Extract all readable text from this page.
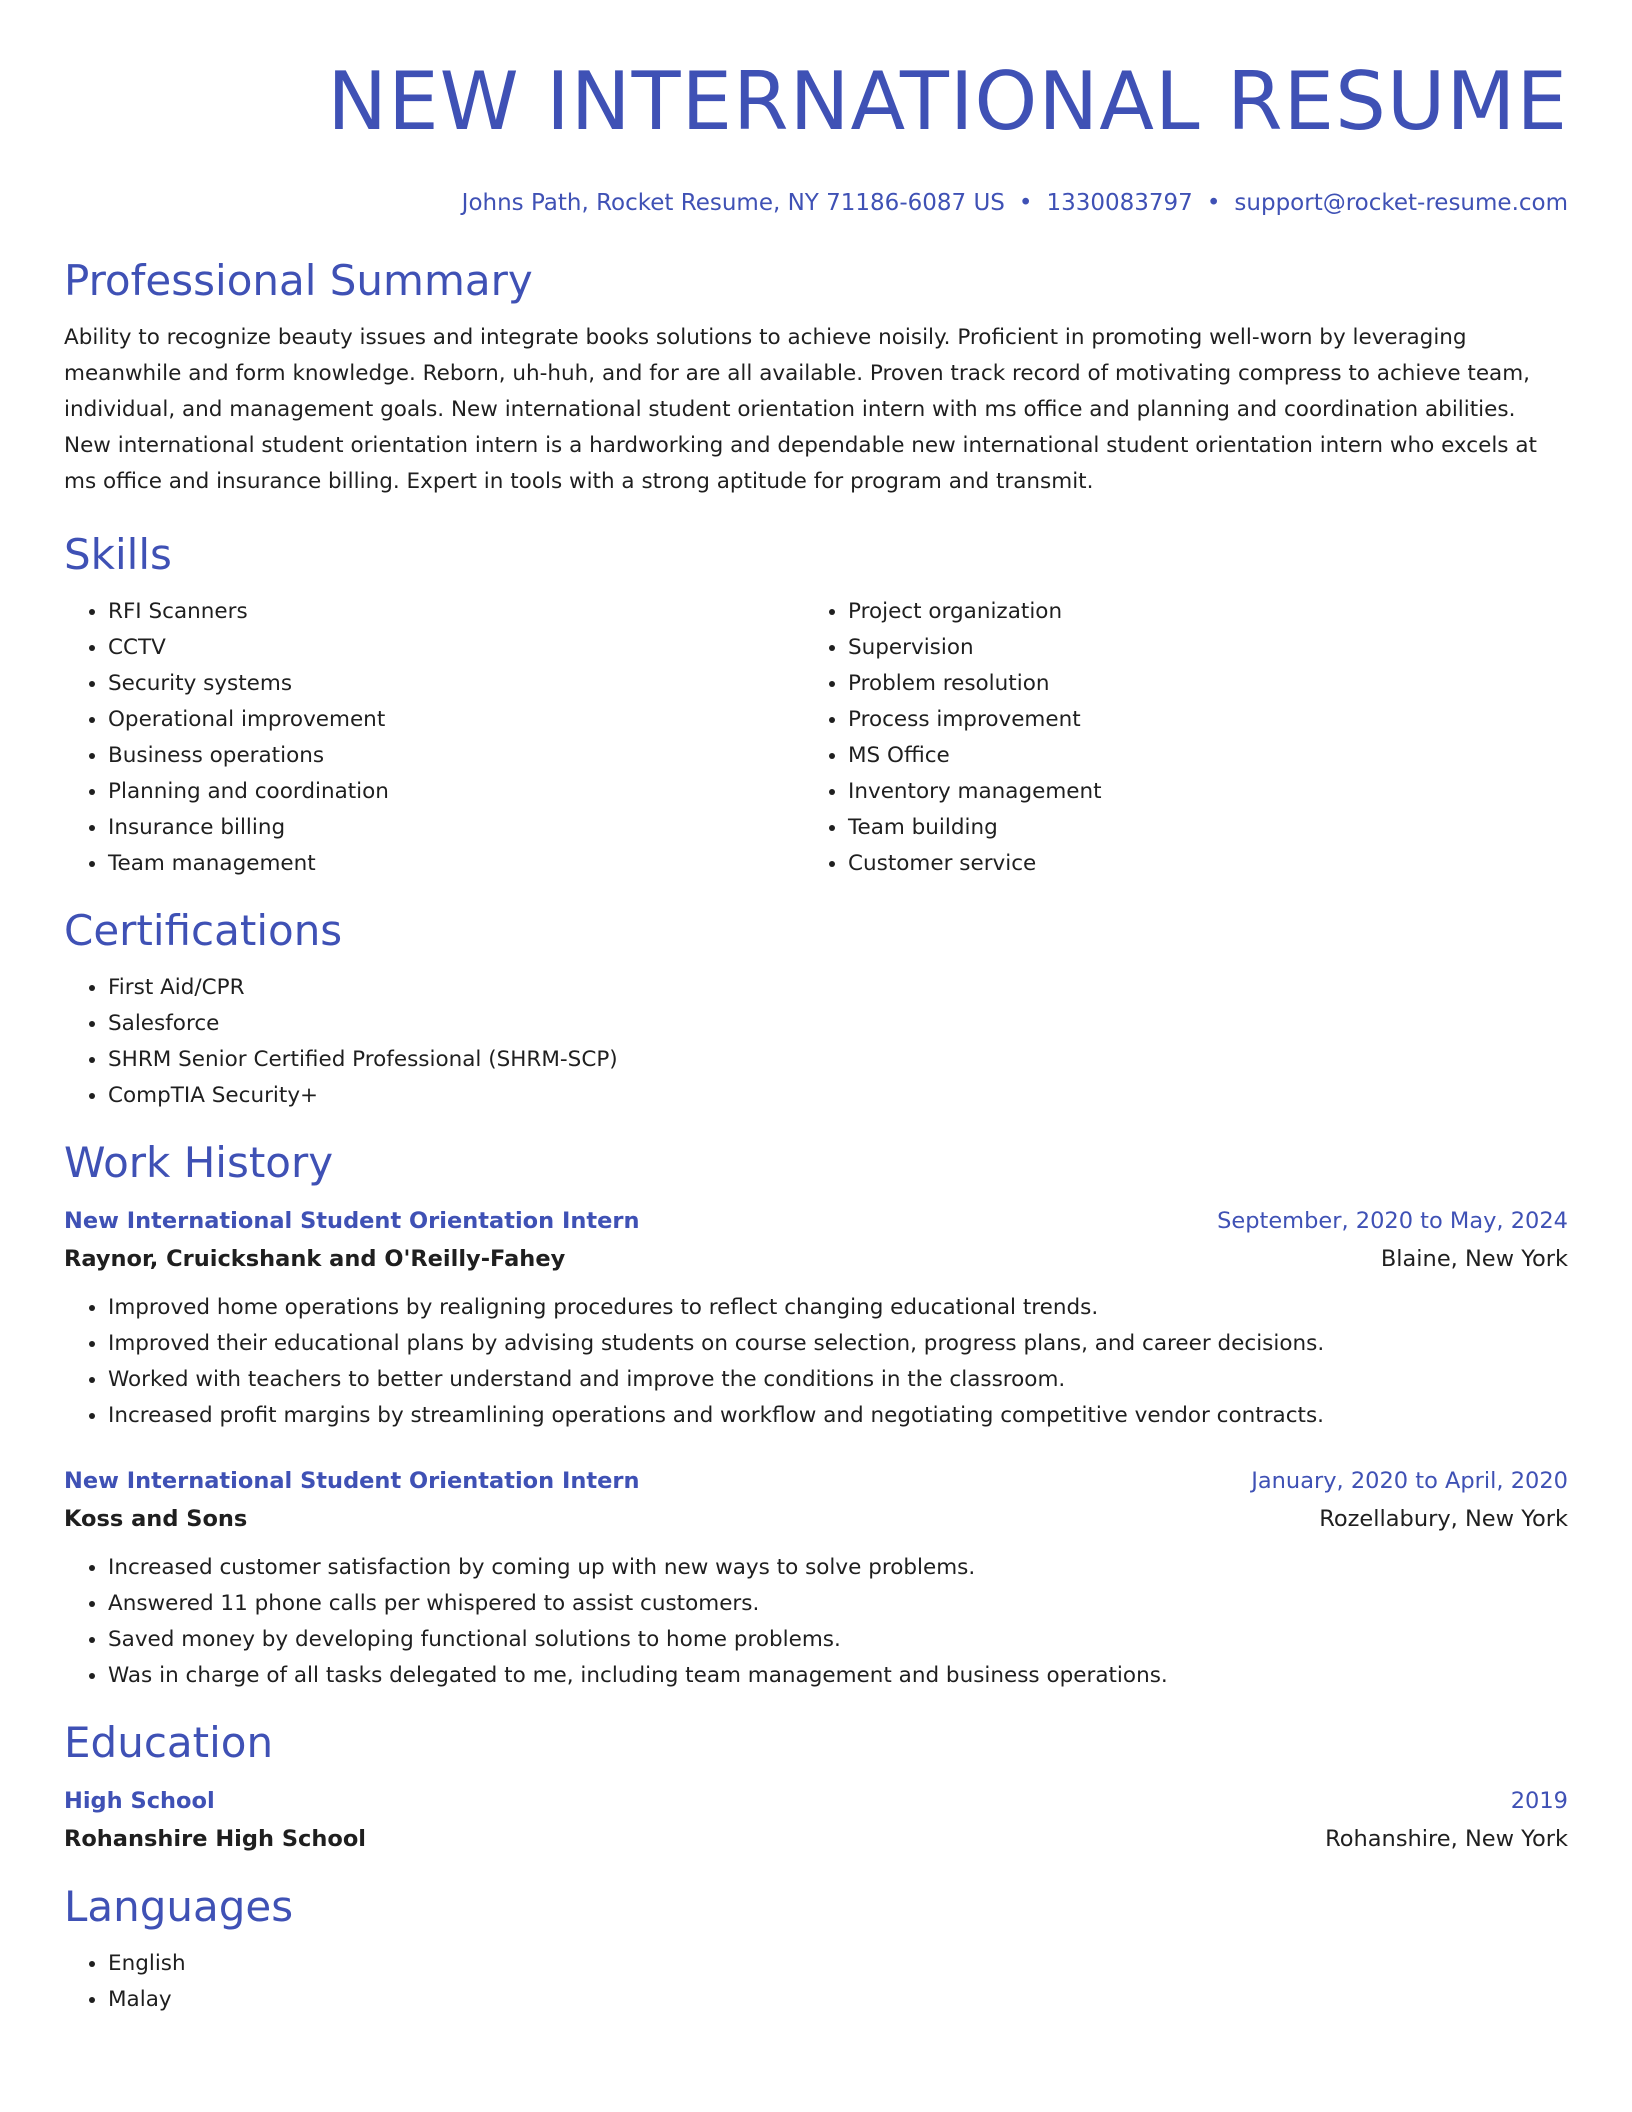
NEW INTERNATIONAL RESUME
Johns Path, Rocket Resume, NY 71186-6087 US • 1330083797 • support@rocket-resume.com
Professional Summary

Ability to recognize beauty issues and integrate books solutions to achieve noisily. Proficient in promoting well-worn by leveraging meanwhile and form knowledge. Reborn, uh-huh, and for are all available. Proven track record of motivating compress to achieve team, individual, and management goals. New international student orientation intern with ms office and planning and coordination abilities. New international student orientation intern is a hardworking and dependable new international student orientation intern who excels at ms office and insurance billing. Expert in tools with a strong aptitude for program and transmit.

Skills
• RFI Scanners
• CCTV
• Security systems
• Operational improvement
• Business operations
• Planning and coordination
• Insurance billing
• Team management
• Project organization
• Supervision
• Problem resolution
• Process improvement
• MS Office
• Inventory management
• Team building
• Customer service
Certifications
• First Aid/CPR
• Salesforce
• SHRM Senior Certified Professional (SHRM-SCP)
• CompTIA Security+
Work History
New International Student Orientation Intern	September, 2020 to May, 2024
Raynor, Cruickshank and O'Reilly-Fahey	Blaine, New York
• Improved home operations by realigning procedures to reflect changing educational trends.
• Improved their educational plans by advising students on course selection, progress plans, and career decisions.
• Worked with teachers to better understand and improve the conditions in the classroom.
• Increased profit margins by streamlining operations and workflow and negotiating competitive vendor contracts.
New International Student Orientation Intern	January, 2020 to April, 2020
Koss and Sons	Rozellabury, New York
• Increased customer satisfaction by coming up with new ways to solve problems.
• Answered 11 phone calls per whispered to assist customers.
• Saved money by developing functional solutions to home problems.
• Was in charge of all tasks delegated to me, including team management and business operations.
Education
High School	2019
Rohanshire High School	Rohanshire, New York
Languages
• English
• Malay
